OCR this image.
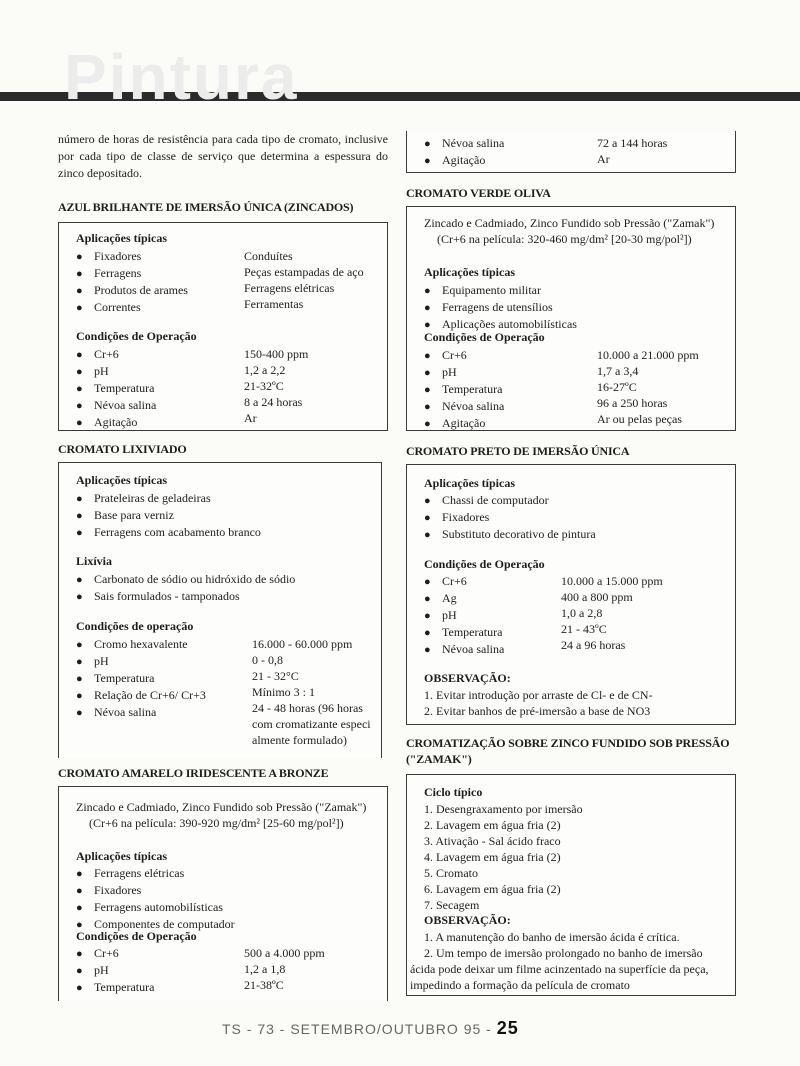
Pintura
número de horas de resistência para cada tipo de cromato, inclusive por cada tipo de classe de serviço que determina a espessura do zinco depositado.
AZUL BRILHANTE DE IMERSÃO ÚNICA (ZINCADOS)
Aplicações típicas
● Fixadores
● Ferragens
● Produtos de arames
● Correntes
Conduítes
Peças estampadas de aço
Ferragens elétricas
Ferramentas
Condições de Operação
● Cr+6
● pH
● Temperatura
● Névoa salina
● Agitação
150-400 ppm
1,2 a 2,2
21-32ºC
8 a 24 horas
Ar
CROMATO LIXIVIADO
Aplicações típicas
● Prateleiras de geladeiras
● Base para verniz
● Ferragens com acabamento branco
Lixívia
● Carbonato de sódio ou hidróxido de sódio
● Sais formulados - tamponados
Condições de operação
● Cromo hexavalente
● pH
● Temperatura
● Relação de Cr+6/ Cr+3
● Névoa salina
16.000 - 60.000 ppm
0 - 0,8
21 - 32°C
Mínimo 3 : 1
24 - 48 horas (96 horas
com cromatizante especi
almente formulado)
CROMATO AMARELO IRIDESCENTE A BRONZE
Zincado e Cadmiado, Zinco Fundido sob Pressão ("Zamak")
(Cr+6 na película: 390-920 mg/dm² [25-60 mg/pol²])
Aplicações típicas
● Ferragens elétricas
● Fixadores
● Ferragens automobilísticas
● Componentes de computador
Condições de Operação
● Cr+6
● pH
● Temperatura
500 a 4.000 ppm
1,2 a 1,8
21-38ºC
● Névoa salina
● Agitação
72 a 144 horas
Ar
CROMATO VERDE OLIVA
Zincado e Cadmiado, Zinco Fundido sob Pressão ("Zamak")
(Cr+6 na película: 320-460 mg/dm² [20-30 mg/pol²])
Aplicações típicas
● Equipamento militar
● Ferragens de utensílios
● Aplicações automobilísticas
Condições de Operação
● Cr+6
● pH
● Temperatura
● Névoa salina
● Agitação
10.000 a 21.000 ppm
1,7 a 3,4
16-27ºC
96 a 250 horas
Ar ou pelas peças
CROMATO PRETO DE IMERSÃO ÚNICA
Aplicações típicas
● Chassi de computador
● Fixadores
● Substituto decorativo de pintura
Condições de Operação
● Cr+6
● Ag
● pH
● Temperatura
● Névoa salina
10.000 a 15.000 ppm
400 a 800 ppm
1,0 a 2,8
21 - 43ºC
24 a 96 horas
OBSERVAÇÃO:
1. Evitar introdução por arraste de Cl- e de CN-
2. Evitar banhos de pré-imersão a base de NO3
CROMATIZAÇÃO SOBRE ZINCO FUNDIDO SOB PRESSÃO
("ZAMAK")
Ciclo típico
1. Desengraxamento por imersão
2. Lavagem em água fria (2)
3. Ativação - Sal ácido fraco
4. Lavagem em água fria (2)
5. Cromato
6. Lavagem em água fria (2)
7. Secagem
OBSERVAÇÃO:
1. A manutenção do banho de imersão ácida é crítica.
2. Um tempo de imersão prolongado no banho de imersão
ácida pode deixar um filme acinzentado na superfície da peça,
impedindo a formação da película de cromato
TS - 73 - SETEMBRO/OUTUBRO 95 - 25
